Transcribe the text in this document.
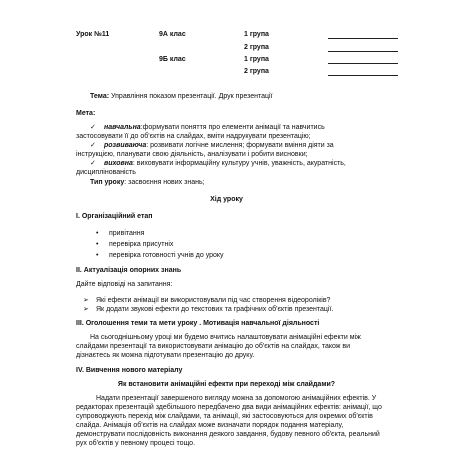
Урок №11	9А клас	1 група
2 група
9Б клас	1 група
2 група
Тема: Управління показом презентації. Друк презентації
Мета:
✓ навчальна:формувати поняття про елементи анімації та навчитись
застосовувати її до об'єктів на слайдах, вміти надрукувати презентацію;
✓ розвиваюча: розвивати логічне мислення; формувати вміння діяти за
інструкцією, планувати свою діяльність, аналізувати і робити висновки;
✓ виховна: виховувати інформаційну культуру учнів, уважність, акуратність,
дисциплінованість
Тип уроку: засвоєння нових знань;
Хід уроку
І. Організаційний етап
• привітання
• перевірка присутніх
• перевірка готовності учнів до уроку
ІІ. Актуалізація опорних знань
Дайте відповіді на запитання:
➢ Які ефекти анімації ви використовували під час створення відеороліків?
➢ Як додати звукові ефекти до текстових та графічних об'єктів презентації.
ІІІ. Оголошення теми та мети уроку . Мотивація навчальної діяльності
На сьогоднішньому уроці ми будемо вчитись налаштовувати анімаційні ефекти між
слайдами презентації та використовувати анімацію до об'єктів на слайдах, також ви
дізнаєтесь як можна підготувати презентацію до друку.
IV. Вивчення нового матеріалу
Як встановити анімаційні ефекти при переході між слайдами?
Надати презентації завершеного вигляду можна за допомогою анімаційних ефектів. У
редакторах презентацій здебільшого передбачено два види анімаційних ефектів: анімації, що
супроводжують перехід між слайдами, та анімації, які застосовуються для окремих об'єктів
слайда. Анімація об'єктів на слайдах може визначати порядок подання матеріалу,
демонструвати послідовність виконання деякого завдання, будову певного об'єкта, реальний
рух об'єктів у певному процесі тощо.
